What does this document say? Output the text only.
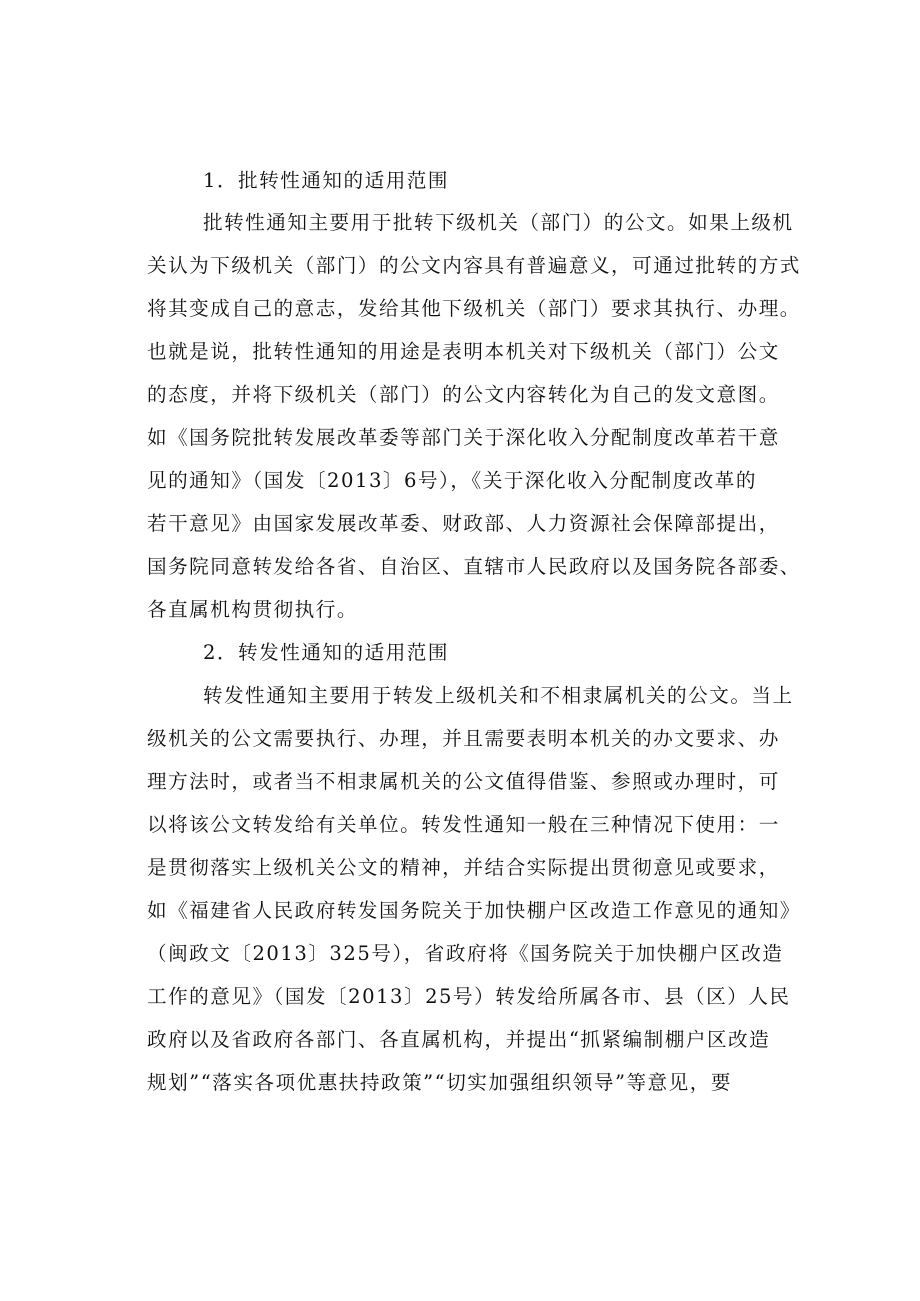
1．批转性通知的适用范围
批转性通知主要用于批转下级机关（部门）的公文。如果上级机
关认为下级机关（部门）的公文内容具有普遍意义，可通过批转的方式
将其变成自己的意志，发给其他下级机关（部门）要求其执行、办理。
也就是说，批转性通知的用途是表明本机关对下级机关（部门）公文
的态度，并将下级机关（部门）的公文内容转化为自己的发文意图。
如《国务院批转发展改革委等部门关于深化收入分配制度改革若干意
见的通知》（国发〔2013〕6号），《关于深化收入分配制度改革的
若干意见》由国家发展改革委、财政部、人力资源社会保障部提出，
国务院同意转发给各省、自治区、直辖市人民政府以及国务院各部委、
各直属机构贯彻执行。
2．转发性通知的适用范围
转发性通知主要用于转发上级机关和不相隶属机关的公文。当上
级机关的公文需要执行、办理，并且需要表明本机关的办文要求、办
理方法时，或者当不相隶属机关的公文值得借鉴、参照或办理时，可
以将该公文转发给有关单位。转发性通知一般在三种情况下使用：一
是贯彻落实上级机关公文的精神，并结合实际提出贯彻意见或要求，
如《福建省人民政府转发国务院关于加快棚户区改造工作意见的通知》
（闽政文〔2013〕325号），省政府将《国务院关于加快棚户区改造
工作的意见》（国发〔2013〕25号）转发给所属各市、县（区）人民
政府以及省政府各部门、各直属机构，并提出“抓紧编制棚户区改造
规划”“落实各项优惠扶持政策”“切实加强组织领导”等意见，要
